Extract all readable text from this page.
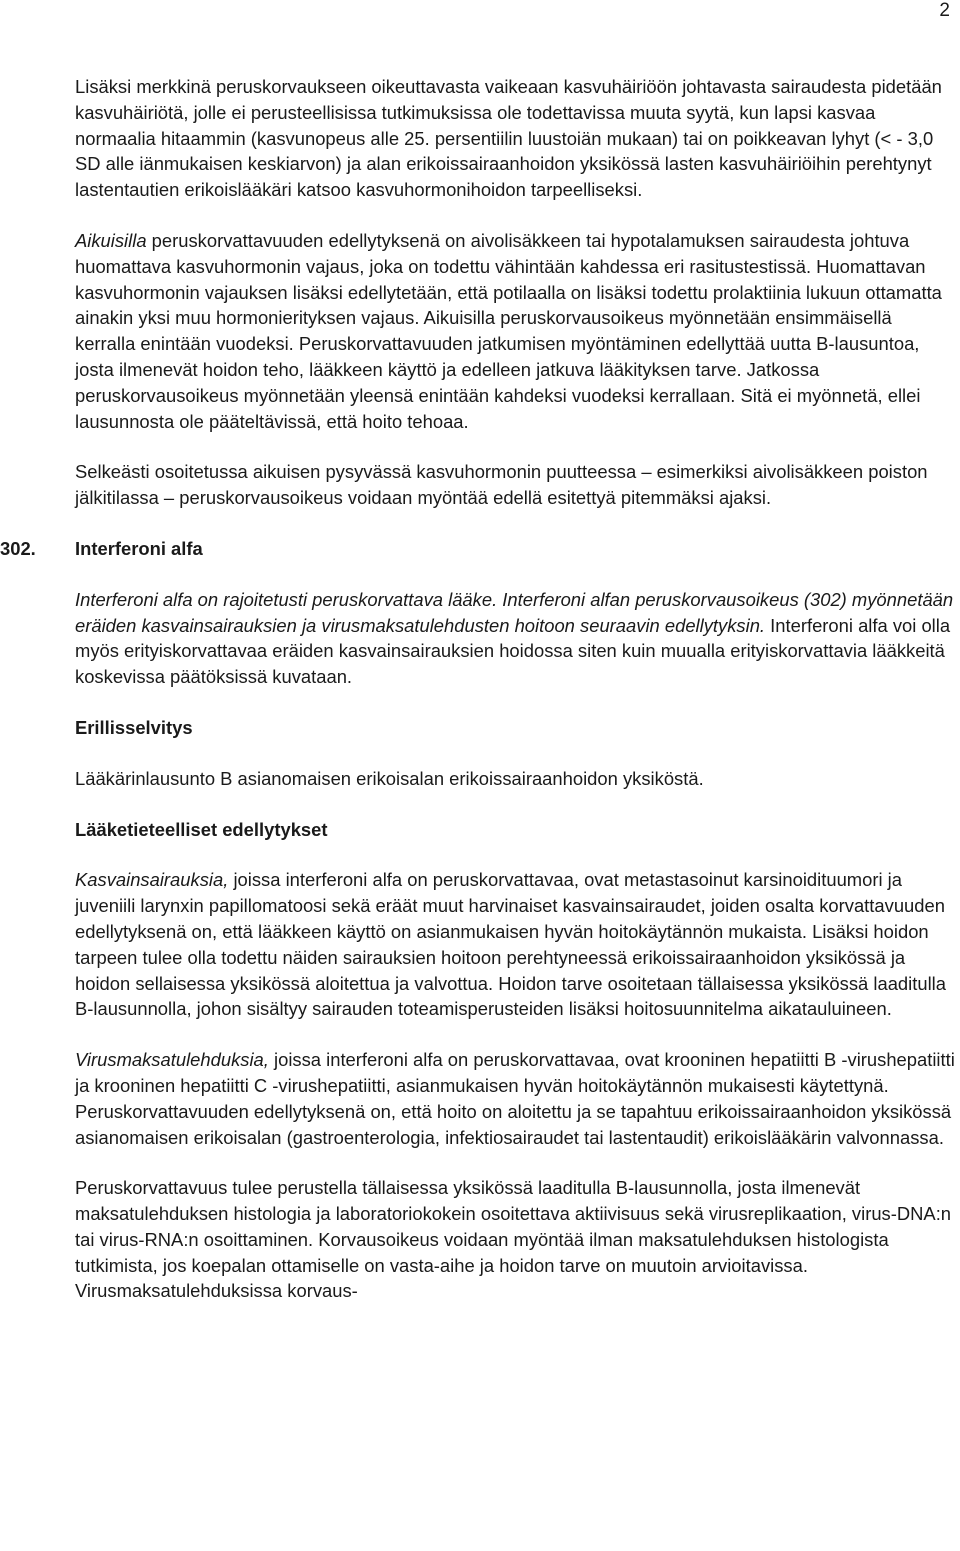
2

Lisäksi merkkinä peruskorvaukseen oikeuttavasta vaikeaan kasvuhäiriöön johtavasta sairaudesta pidetään kasvuhäiriötä, jolle ei perusteellisissa tutkimuksissa ole todettavissa muuta syytä, kun lapsi kasvaa normaalia hitaammin (kasvunopeus alle 25. persentiilin luustoiän mukaan) tai on poikkeavan lyhyt (< - 3,0 SD alle iänmukaisen keskiarvon) ja alan erikoissairaanhoidon yksikössä lasten kasvuhäiriöihin perehtynyt lastentautien erikoislääkäri katsoo kasvuhormonihoidon tarpeelliseksi.

Aikuisilla peruskorvattavuuden edellytyksenä on aivolisäkkeen tai hypotalamuksen sairaudesta johtuva huomattava kasvuhormonin vajaus, joka on todettu vähintään kahdessa eri rasitustestissä. Huomattavan kasvuhormonin vajauksen lisäksi edellytetään, että potilaalla on lisäksi todettu prolaktiinia lukuun ottamatta ainakin yksi muu hormonierityksen vajaus. Aikuisilla peruskorvausoikeus myönnetään ensimmäisellä kerralla enintään vuodeksi. Peruskorvattavuuden jatkumisen myöntäminen edellyttää uutta B-lausuntoa, josta ilmenevät hoidon teho, lääkkeen käyttö ja edelleen jatkuva lääkityksen tarve. Jatkossa peruskorvausoikeus myönnetään yleensä enintään kahdeksi vuodeksi kerrallaan. Sitä ei myönnetä, ellei lausunnosta ole pääteltävissä, että hoito tehoaa.

Selkeästi osoitetussa aikuisen pysyvässä kasvuhormonin puutteessa – esimerkiksi aivolisäkkeen poiston jälkitilassa – peruskorvausoikeus voidaan myöntää edellä esitettyä pitemmäksi ajaksi.

302. Interferoni alfa

Interferoni alfa on rajoitetusti peruskorvattava lääke. Interferoni alfan peruskorvausoikeus (302) myönnetään eräiden kasvainsairauksien ja virusmaksatulehdusten hoitoon seuraavin edellytyksin. Interferoni alfa voi olla myös erityiskorvattavaa eräiden kasvainsairauksien hoidossa siten kuin muualla erityiskorvattavia lääkkeitä koskevissa päätöksissä kuvataan.

Erillisselvitys

Lääkärinlausunto B asianomaisen erikoisalan erikoissairaanhoidon yksiköstä.

Lääketieteelliset edellytykset

Kasvainsairauksia, joissa interferoni alfa on peruskorvattavaa, ovat metastasoinut karsinoidituumori ja juveniili larynxin papillomatoosi sekä eräät muut harvinaiset kasvainsairaudet, joiden osalta korvattavuuden edellytyksenä on, että lääkkeen käyttö on asianmukaisen hyvän hoitokäytännön mukaista. Lisäksi hoidon tarpeen tulee olla todettu näiden sairauksien hoitoon perehtyneessä erikoissairaanhoidon yksikössä ja hoidon sellaisessa yksikössä aloitettua ja valvottua. Hoidon tarve osoitetaan tällaisessa yksikössä laaditulla B-lausunnolla, johon sisältyy sairauden toteamisperusteiden lisäksi hoitosuunnitelma aikatauluineen.

Virusmaksatulehduksia, joissa interferoni alfa on peruskorvattavaa, ovat krooninen hepatiitti B -virushepatiitti ja krooninen hepatiitti C -virushepatiitti, asianmukaisen hyvän hoitokäytännön mukaisesti käytettynä. Peruskorvattavuuden edellytyksenä on, että hoito on aloitettu ja se tapahtuu erikoissairaanhoidon yksikössä asianomaisen erikoisalan (gastroenterologia, infektiosairaudet tai lastentaudit) erikoislääkärin valvonnassa.

Peruskorvattavuus tulee perustella tällaisessa yksikössä laaditulla B-lausunnolla, josta ilmenevät maksatulehduksen histologia ja laboratoriokokein osoitettava aktiivisuus sekä virusreplikaation, virus-DNA:n tai virus-RNA:n osoittaminen. Korvausoikeus voidaan myöntää ilman maksatulehduksen histologista tutkimista, jos koepalan ottamiselle on vasta-aihe ja hoidon tarve on muutoin arvioitavissa. Virusmaksatulehduksissa korvaus-
